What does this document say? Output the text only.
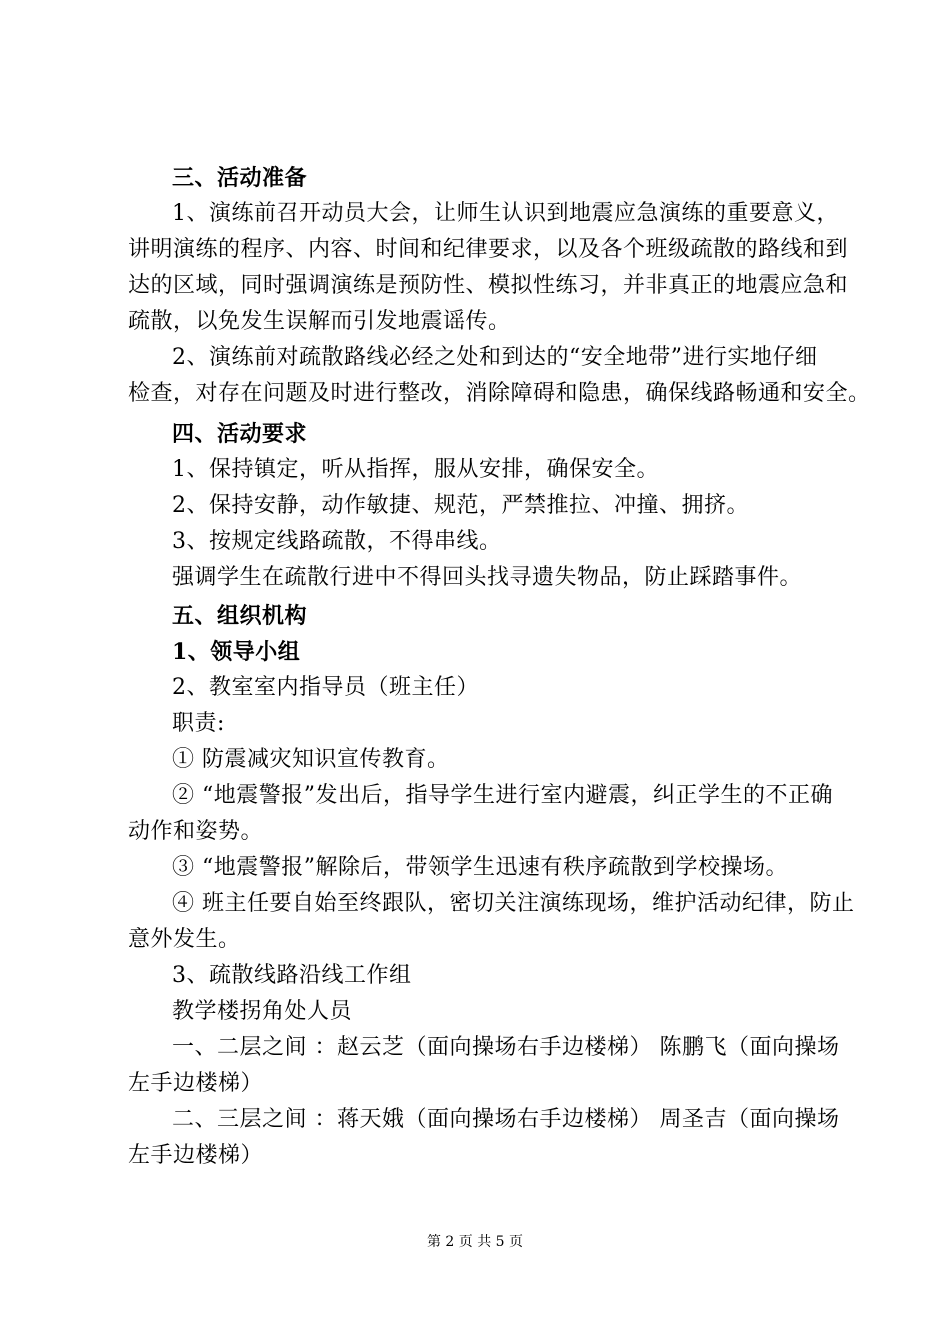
三、活动准备
1、演练前召开动员大会，让师生认识到地震应急演练的重要意义，
讲明演练的程序、内容、时间和纪律要求，以及各个班级疏散的路线和到
达的区域，同时强调演练是预防性、模拟性练习，并非真正的地震应急和
疏散，以免发生误解而引发地震谣传。
2、演练前对疏散路线必经之处和到达的“安全地带”进行实地仔细
检查，对存在问题及时进行整改，消除障碍和隐患，确保线路畅通和安全。
四、活动要求
1、保持镇定，听从指挥，服从安排，确保安全。
2、保持安静，动作敏捷、规范，严禁推拉、冲撞、拥挤。
3、按规定线路疏散，不得串线。
强调学生在疏散行进中不得回头找寻遗失物品，防止踩踏事件。
五、组织机构
1、领导小组
2、教室室内指导员（班主任）
职责:
① 防震减灾知识宣传教育。
② “地震警报”发出后，指导学生进行室内避震，纠正学生的不正确
动作和姿势。
③ “地震警报”解除后，带领学生迅速有秩序疏散到学校操场。
④ 班主任要自始至终跟队，密切关注演练现场，维护活动纪律，防止
意外发生。
3、疏散线路沿线工作组
教学楼拐角处人员
一、二层之间 ：赵云芝（面向操场右手边楼梯） 陈鹏飞（面向操场
左手边楼梯）
二、三层之间 ：蒋天娥（面向操场右手边楼梯） 周圣吉（面向操场
左手边楼梯）
第 2 页 共 5 页
